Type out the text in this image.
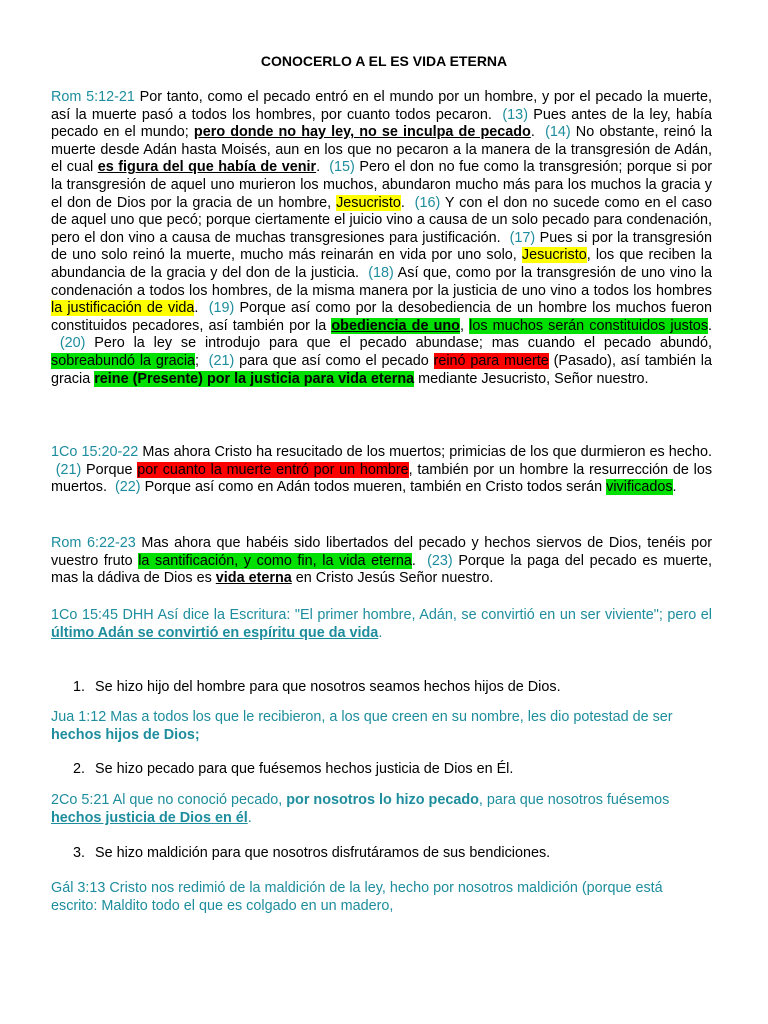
CONOCERLO A EL ES VIDA ETERNA
Rom 5:12-21 Por tanto, como el pecado entró en el mundo por un hombre, y por el pecado la muerte, así la muerte pasó a todos los hombres, por cuanto todos pecaron. (13) Pues antes de la ley, había pecado en el mundo; pero donde no hay ley, no se inculpa de pecado.  (14) No obstante, reinó la muerte desde Adán hasta Moisés, aun en los que no pecaron a la manera de la transgresión de Adán, el cual es figura del que había de venir.  (15) Pero el don no fue como la transgresión; porque si por la transgresión de aquel uno murieron los muchos, abundaron mucho más para los muchos la gracia y el don de Dios por la gracia de un hombre, Jesucristo.  (16) Y con el don no sucede como en el caso de aquel uno que pecó; porque ciertamente el juicio vino a causa de un solo pecado para condenación, pero el don vino a causa de muchas transgresiones para justificación.  (17) Pues si por la transgresión de uno solo reinó la muerte, mucho más reinarán en vida por uno solo, Jesucristo, los que reciben la abundancia de la gracia y del don de la justicia.  (18) Así que, como por la transgresión de uno vino la condenación a todos los hombres, de la misma manera por la justicia de uno vino a todos los hombres la justificación de vida.  (19) Porque así como por la desobediencia de un hombre los muchos fueron constituidos pecadores, así también por la obediencia de uno, los muchos serán constituidos justos.  (20) Pero la ley se introdujo para que el pecado abundase; mas cuando el pecado abundó, sobreabundó la gracia;  (21) para que así como el pecado reinó para muerte (Pasado), así también la gracia reine (Presente) por la justicia para vida eterna mediante Jesucristo, Señor nuestro.
1Co 15:20-22 Mas ahora Cristo ha resucitado de los muertos; primicias de los que durmieron es hecho.  (21) Porque por cuanto la muerte entró por un hombre, también por un hombre la resurrección de los muertos.  (22) Porque así como en Adán todos mueren, también en Cristo todos serán vivificados.
Rom 6:22-23 Mas ahora que habéis sido libertados del pecado y hechos siervos de Dios, tenéis por vuestro fruto la santificación, y como fin, la vida eterna.  (23) Porque la paga del pecado es muerte, mas la dádiva de Dios es vida eterna en Cristo Jesús Señor nuestro.
1Co 15:45 DHH Así dice la Escritura: "El primer hombre, Adán, se convirtió en un ser viviente"; pero el último Adán se convirtió en espíritu que da vida.
1. Se hizo hijo del hombre para que nosotros seamos hechos hijos de Dios.
Jua 1:12 Mas a todos los que le recibieron, a los que creen en su nombre, les dio potestad de ser hechos hijos de Dios;
2. Se hizo pecado para que fuésemos hechos justicia de Dios en Él.
2Co 5:21 Al que no conoció pecado, por nosotros lo hizo pecado, para que nosotros fuésemos hechos justicia de Dios en él.
3. Se hizo maldición para que nosotros disfrutáramos de sus bendiciones.
Gál 3:13 Cristo nos redimió de la maldición de la ley, hecho por nosotros maldición (porque está escrito: Maldito todo el que es colgado en un madero,
